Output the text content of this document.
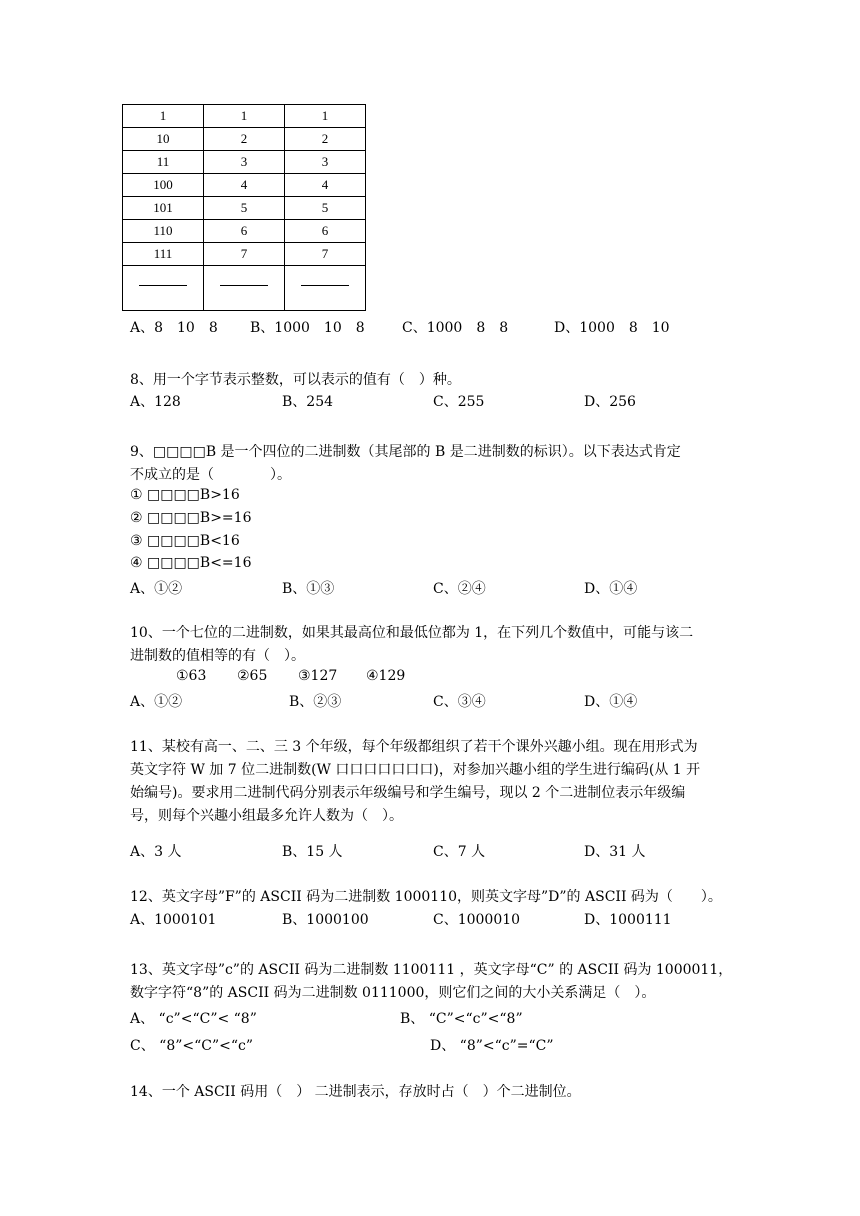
1	1	1
10	2	2
11	3	3
100	4	4
101	5	5
110	6	6
111	7	7

A、8　10　8 B、1000　10　8	C、1000　8　8	D、1000　8　10
8、用一个字节表示整数，可以表示的值有（　）种。
A、128	B、254	C、255	D、256
9、□□□□B 是一个四位的二进制数（其尾部的 B 是二进制数的标识）。以下表达式肯定
不成立的是（　　　　）。
① □□□□B>16
② □□□□B>=16
③ □□□□B<16
④ □□□□B<=16
A、①②	B、①③	C、②④	D、①④
10、一个七位的二进制数，如果其最高位和最低位都为 1，在下列几个数值中，可能与该二
进制数的值相等的有（　）。
①63 ②65 ③127 ④129
A、①②	B、②③	C、③④	D、①④
11、某校有高一、二、三 3 个年级，每个年级都组织了若干个课外兴趣小组。现在用形式为
英文字符 W 加 7 位二进制数(W 口口口口口口口)，对参加兴趣小组的学生进行编码(从 1 开
始编号)。要求用二进制代码分别表示年级编号和学生编号，现以 2 个二进制位表示年级编
号，则每个兴趣小组最多允许人数为（　）。
A、3 人	B、15 人	C、7 人	D、31 人
12、英文字母”F”的 ASCII 码为二进制数 1000110，则英文字母”D”的 ASCII 码为（　　）。
A、1000101	B、1000100	C、1000010	D、1000111
13、英文字母”c”的 ASCII 码为二进制数 1100111 ，英文字母“C” 的 ASCII 码为 1000011，
数字字符“8”的 ASCII 码为二进制数 0111000，则它们之间的大小关系满足（　）。
A、 “c”<“C”< “8”	B、 “C”<“c”<“8”
C、 “8”<“C”<“c”	D、 “8”<“c”=“C”
14、一个 ASCII 码用（　） 二进制表示，存放时占（　）个二进制位。
